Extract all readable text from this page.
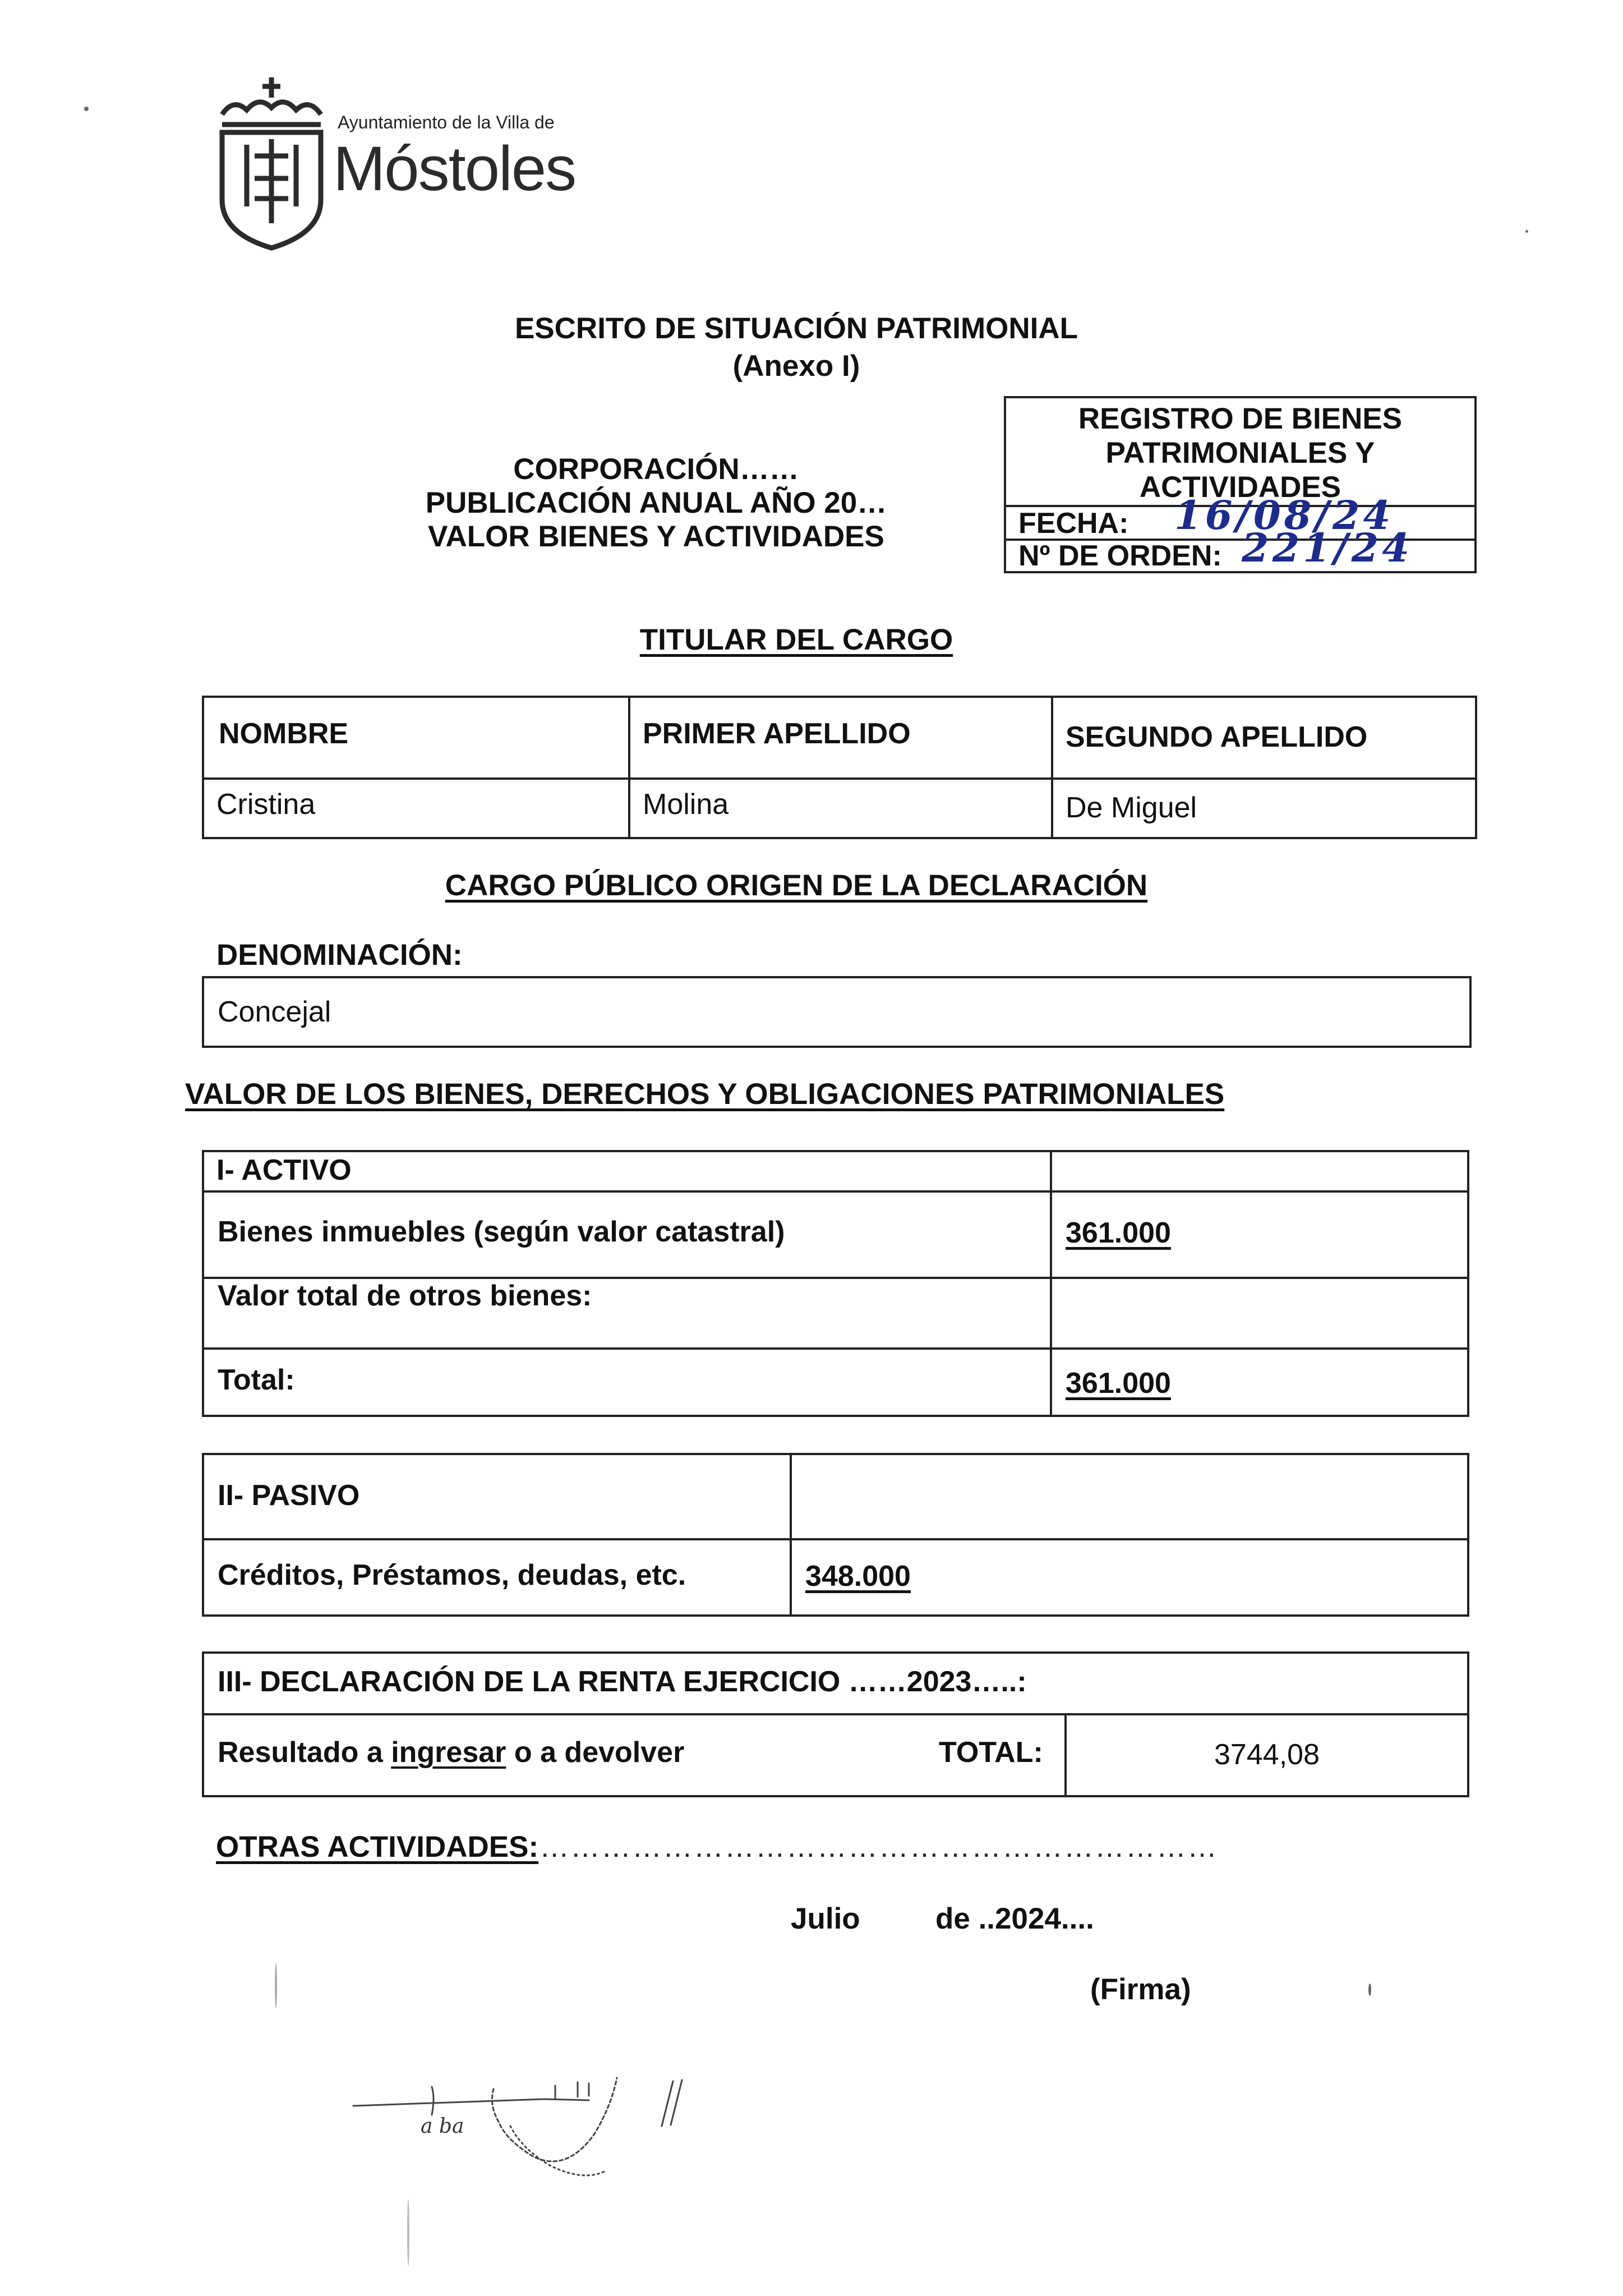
Ayuntamiento de la Villa de
Móstoles
ESCRITO DE SITUACIÓN PATRIMONIAL
(Anexo I)
CORPORACIÓN……
PUBLICACIÓN ANUAL AÑO 20…
VALOR BIENES Y ACTIVIDADES
REGISTRO DE BIENES
PATRIMONIALES Y
ACTIVIDADES
FECHA: 16/08/24
Nº DE ORDEN: 221/24
TITULAR DEL CARGO
NOMBRE	PRIMER APELLIDO	SEGUNDO APELLIDO
Cristina	Molina	De Miguel
CARGO PÚBLICO ORIGEN DE LA DECLARACIÓN
DENOMINACIÓN:
Concejal
VALOR DE LOS BIENES, DERECHOS Y OBLIGACIONES PATRIMONIALES
I- ACTIVO
Bienes inmuebles (según valor catastral)	361.000
Valor total de otros bienes:
Total:	361.000
II- PASIVO
Créditos, Préstamos, deudas, etc.	348.000
III- DECLARACIÓN DE LA RENTA EJERCICIO ……2023…..:
Resultado a ingresar o a devolver	TOTAL:	3744,08
OTRAS ACTIVIDADES: …………………………………………………………
Julio	de ..2024....
(Firma)
a ba
